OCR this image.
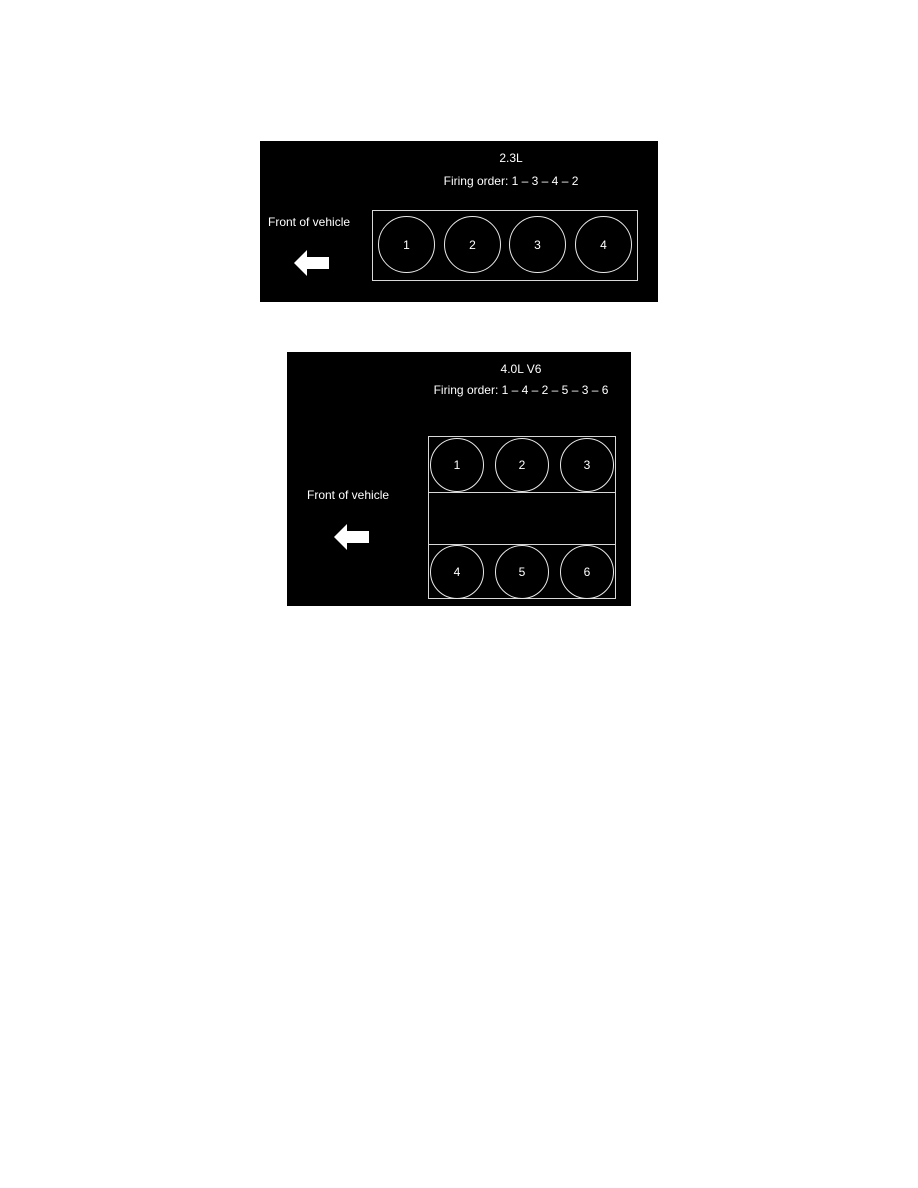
2.3L
Firing order: 1 – 3 – 4 – 2
Front of vehicle
1	2	3	4
4.0L V6
Firing order: 1 – 4 – 2 – 5 – 3 – 6
Front of vehicle
1	2	3
4	5	6
